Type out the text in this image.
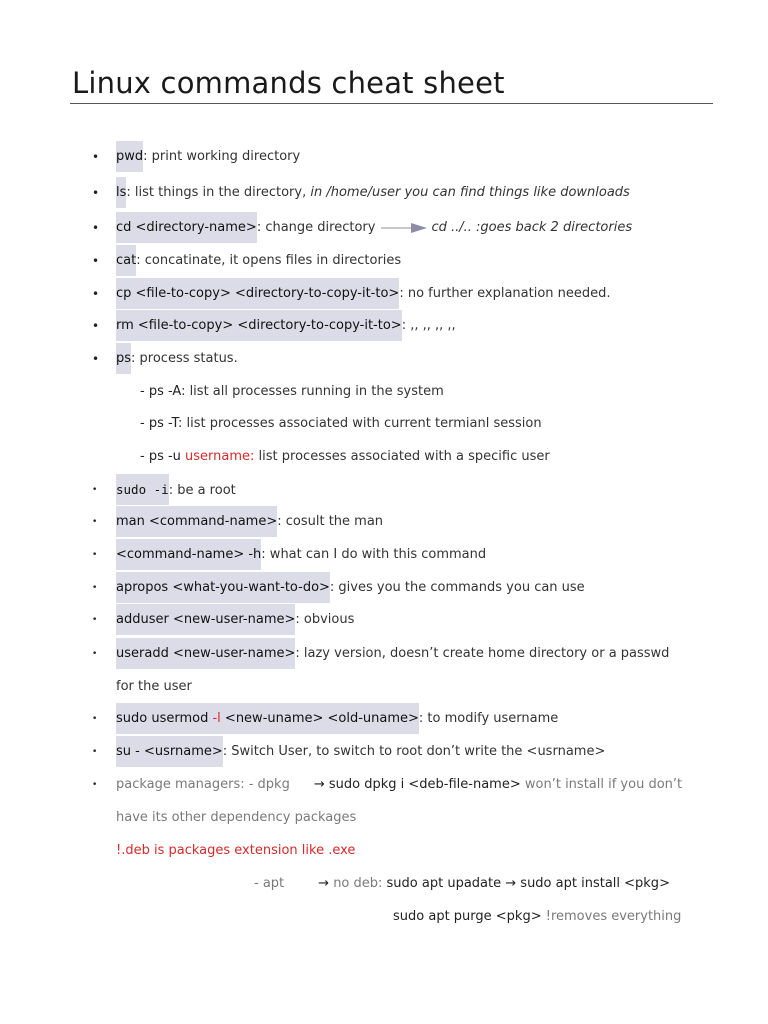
Linux commands cheat sheet
• pwd: print working directory
• ls: list things in the directory, in /home/user you can find things like downloads
• cd <directory-name>: change directory	cd ../.. :goes back 2 directories
• cat: concatinate, it opens files in directories
• cp <file-to-copy> <directory-to-copy-it-to>: no further explanation needed.
• rm <file-to-copy> <directory-to-copy-it-to>: ,, ,, ,, ,,
• ps: process status.
- ps -A: list all processes running in the system
- ps -T: list processes associated with current termianl session
- ps -u username: list processes associated with a specific user
• sudo -i: be a root
• man <command-name>: cosult the man
• <command-name> -h: what can I do with this command
• apropos <what-you-want-to-do>: gives you the commands you can use
• adduser <new-user-name>: obvious
• useradd <new-user-name>: lazy version, doesn’t create home directory or a passwd
for the user
• sudo usermod -l <new-uname> <old-uname>: to modify username
• su - <usrname>: Switch User, to switch to root don’t write the <usrname>
• package managers: - dpkg → sudo dpkg i <deb-file-name> won’t install if you don’t
have its other dependency packages
!.deb is packages extension like .exe
- apt	→ no deb: sudo apt upadate → sudo apt install <pkg>
sudo apt purge <pkg> !removes everything
